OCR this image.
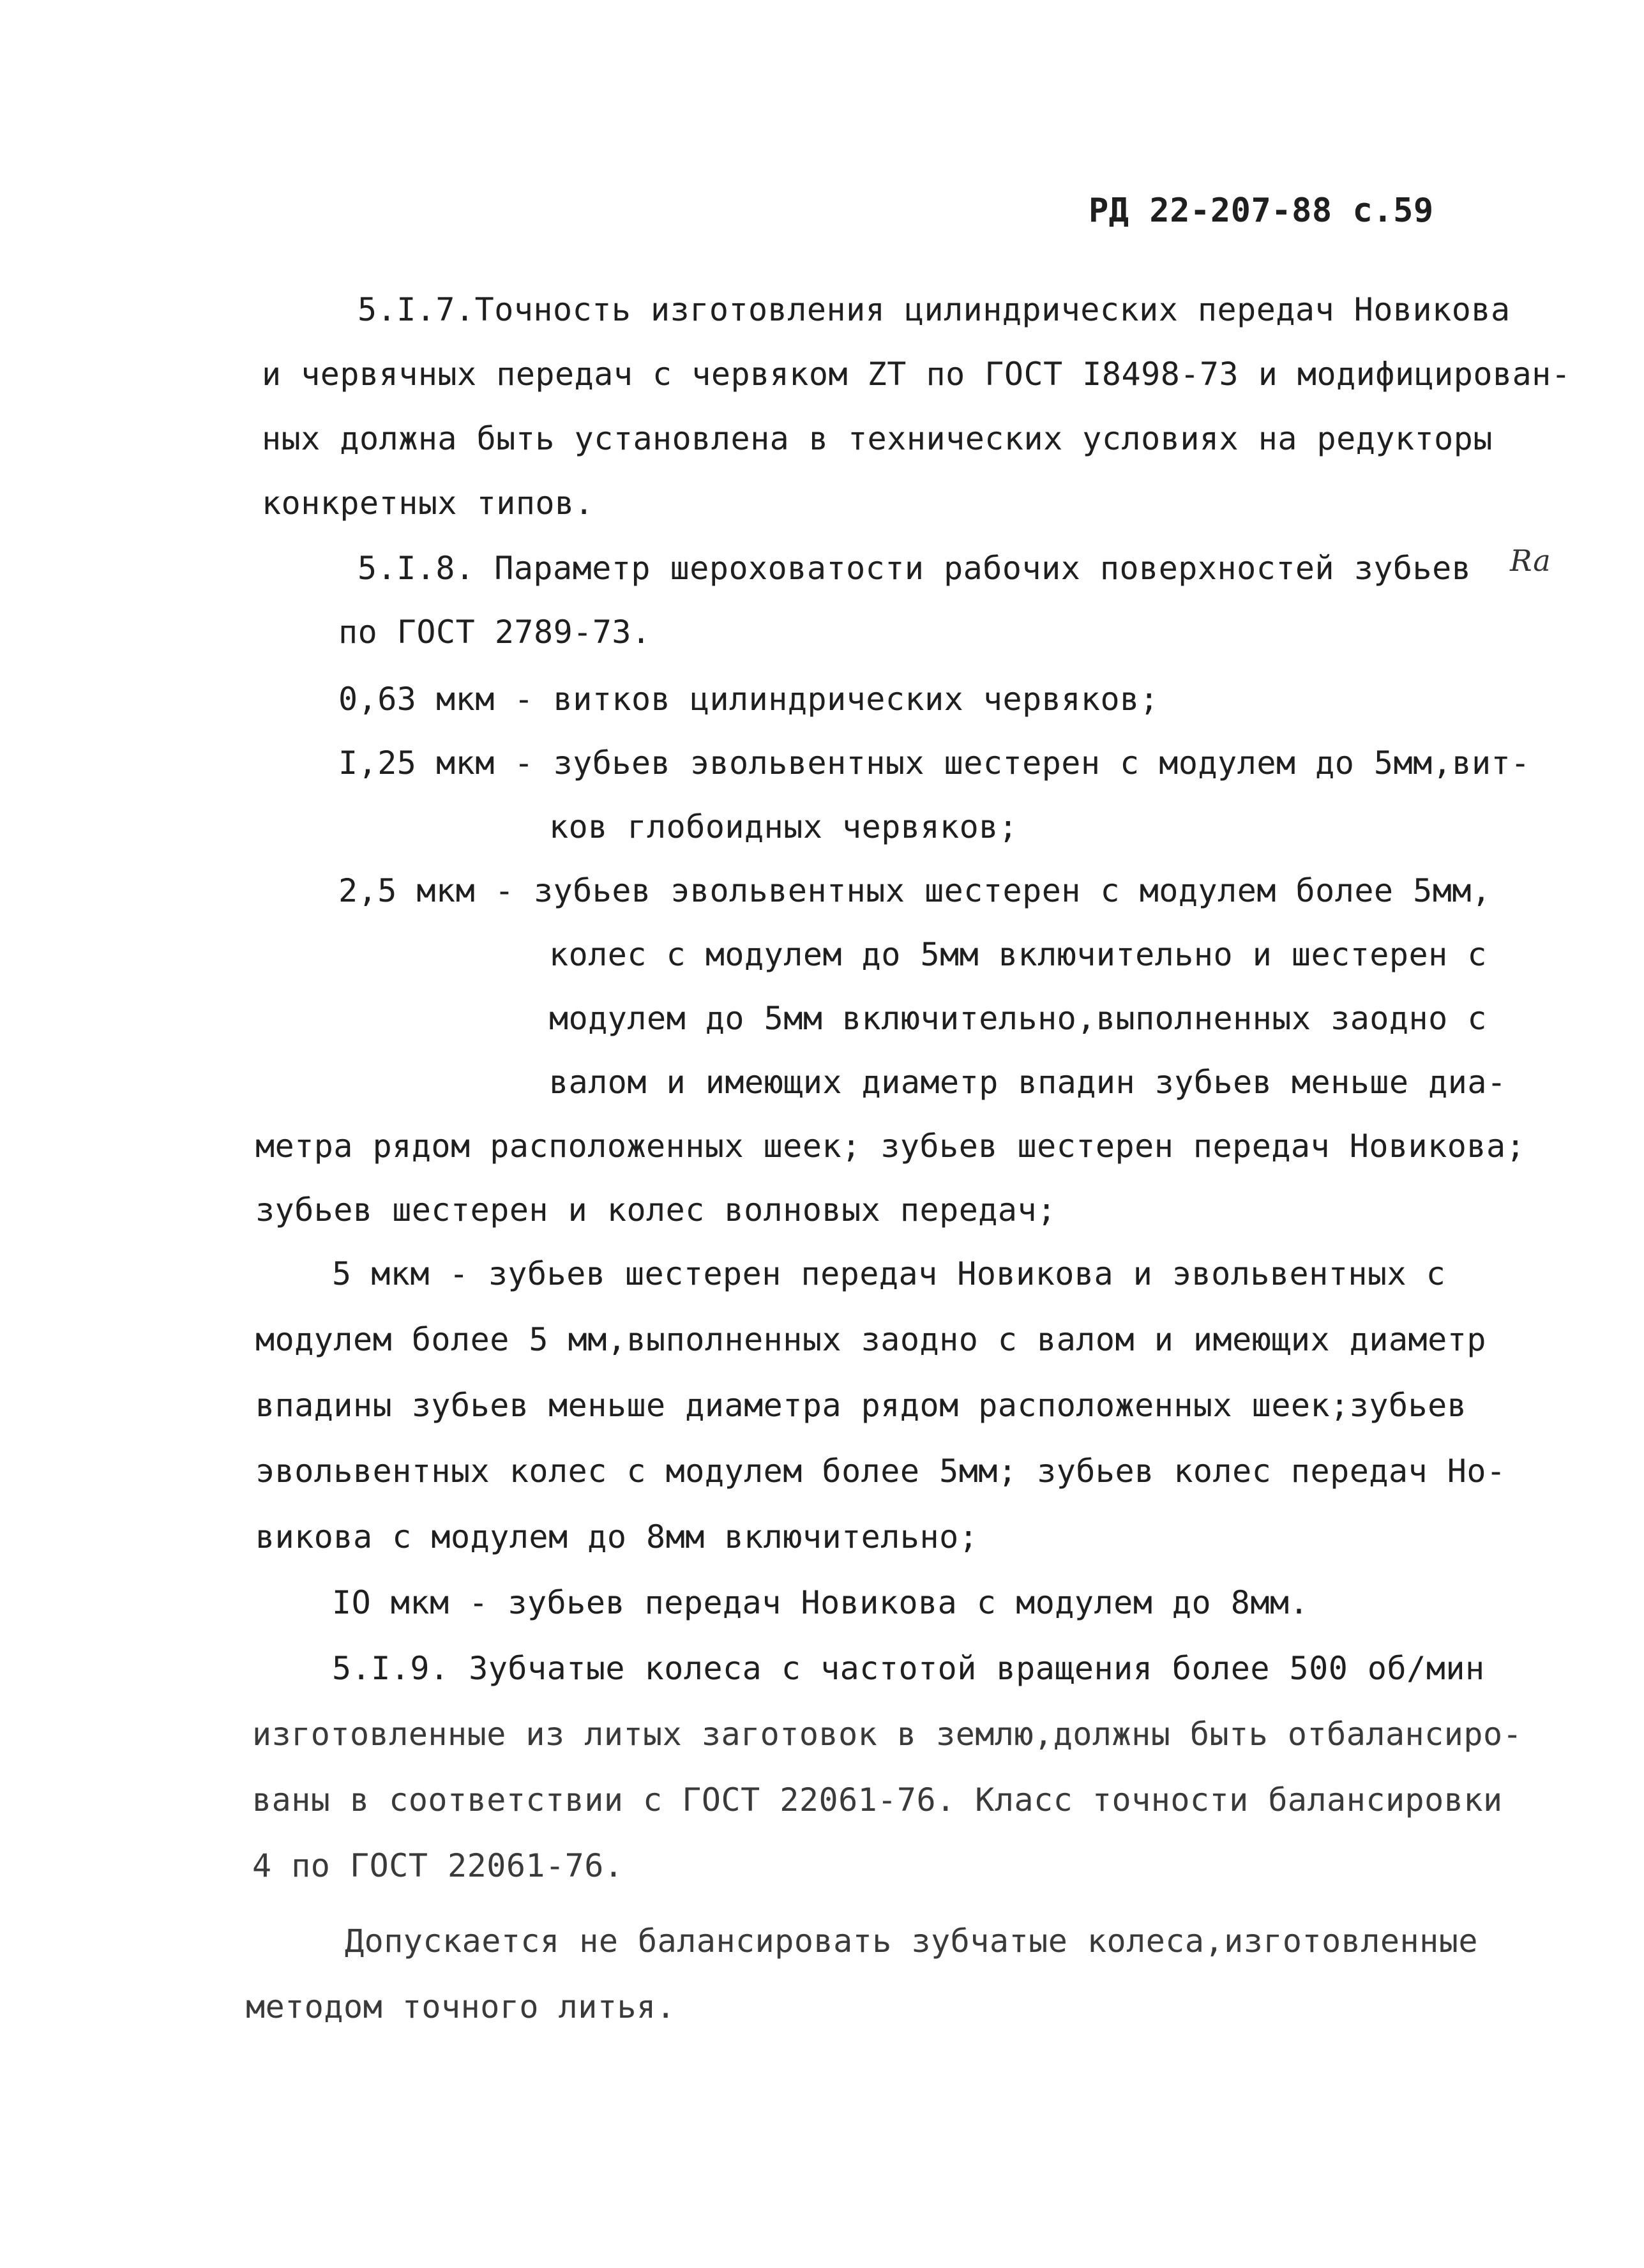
РД 22-207-88 с.59
5.I.7.Точность изготовления цилиндрических передач Новикова
и червячных передач с червяком ZT по ГОСТ I8498-73 и модифицирован-
ных должна быть установлена в технических условиях на редукторы
конкретных типов.
5.I.8. Параметр шероховатости рабочих поверхностей зубьев Ra
по ГОСТ 2789-73.
0,63 мкм - витков цилиндрических червяков;
I,25 мкм - зубьев эвольвентных шестерен с модулем до 5мм,вит-
ков глобоидных червяков;
2,5 мкм - зубьев эвольвентных шестерен с модулем более 5мм,
колес с модулем до 5мм включительно и шестерен с
модулем до 5мм включительно,выполненных заодно с
валом и имеющих диаметр впадин зубьев меньше диа-
метра рядом расположенных шеек; зубьев шестерен передач Новикова;
зубьев шестерен и колес волновых передач;
5 мкм - зубьев шестерен передач Новикова и эвольвентных с
модулем более 5 мм,выполненных заодно с валом и имеющих диаметр
впадины зубьев меньше диаметра рядом расположенных шеек;зубьев
эвольвентных колес с модулем более 5мм; зубьев колес передач Но-
викова с модулем до 8мм включительно;
IO мкм - зубьев передач Новикова с модулем до 8мм.
5.I.9. Зубчатые колеса с частотой вращения более 500 об/мин
изготовленные из литых заготовок в землю,должны быть отбалансиро-
ваны в соответствии с ГОСТ 22061-76. Класс точности балансировки
4 по ГОСТ 22061-76.
Допускается не балансировать зубчатые колеса,изготовленные
методом точного литья.
